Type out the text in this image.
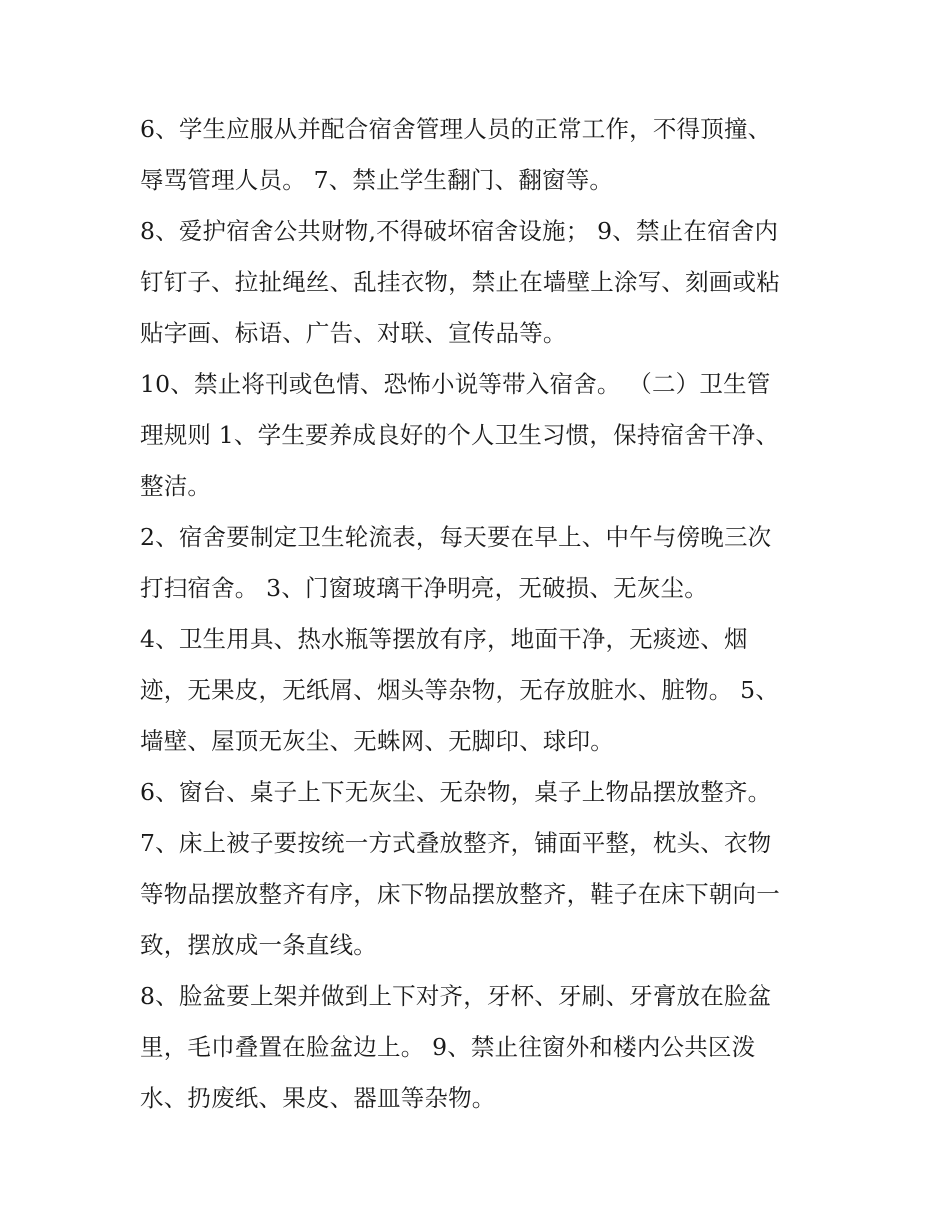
6、学生应服从并配合宿舍管理人员的正常工作，不得顶撞、
辱骂管理人员。 7、禁止学生翻门、翻窗等。
8、爱护宿舍公共财物,不得破坏宿舍设施； 9、禁止在宿舍内
钉钉子、拉扯绳丝、乱挂衣物，禁止在墙壁上涂写、刻画或粘
贴字画、标语、广告、对联、宣传品等。
10、禁止将刊或色情、恐怖小说等带入宿舍。 （二）卫生管
理规则 1、学生要养成良好的个人卫生习惯，保持宿舍干净、
整洁。
2、宿舍要制定卫生轮流表，每天要在早上、中午与傍晚三次
打扫宿舍。 3、门窗玻璃干净明亮，无破损、无灰尘。
4、卫生用具、热水瓶等摆放有序，地面干净，无痰迹、烟
迹，无果皮，无纸屑、烟头等杂物，无存放脏水、脏物。 5、
墙壁、屋顶无灰尘、无蛛网、无脚印、球印。
6、窗台、桌子上下无灰尘、无杂物，桌子上物品摆放整齐。
7、床上被子要按统一方式叠放整齐，铺面平整，枕头、衣物
等物品摆放整齐有序，床下物品摆放整齐，鞋子在床下朝向一
致，摆放成一条直线。
8、脸盆要上架并做到上下对齐，牙杯、牙刷、牙膏放在脸盆
里，毛巾叠置在脸盆边上。 9、禁止往窗外和楼内公共区泼
水、扔废纸、果皮、器皿等杂物。
